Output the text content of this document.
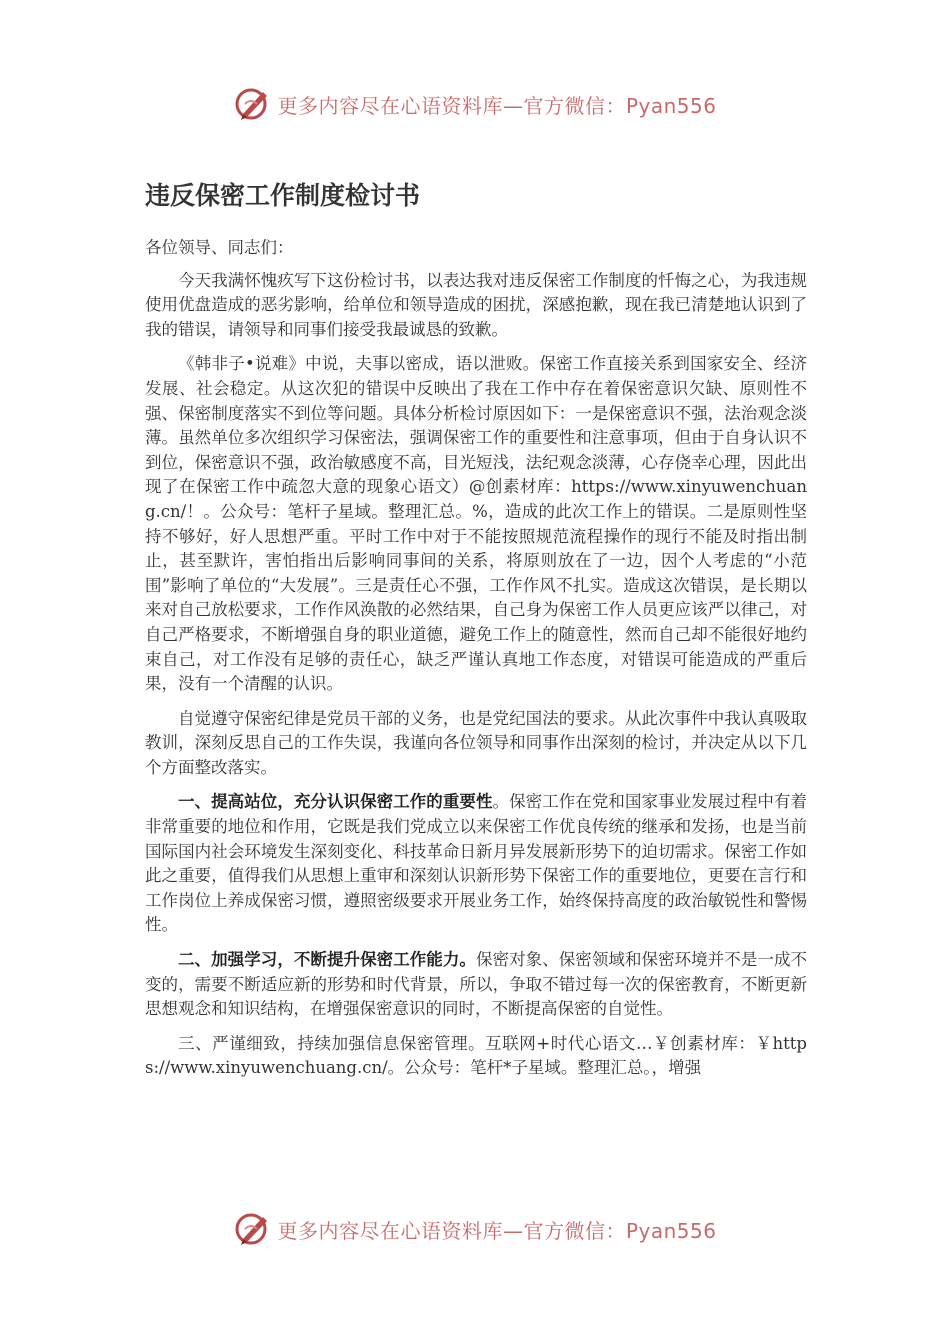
更多内容尽在心语资料库—官方微信：Pyan556
违反保密工作制度检讨书

各位领导、同志们：

今天我满怀愧疚写下这份检讨书，以表达我对违反保密工作制度的忏悔之心，为我违规使用优盘造成的恶劣影响，给单位和领导造成的困扰，深感抱歉，现在我已清楚地认识到了我的错误，请领导和同事们接受我最诚恳的致歉。

《韩非子•说难》中说，夫事以密成，语以泄败。保密工作直接关系到国家安全、经济发展、社会稳定。从这次犯的错误中反映出了我在工作中存在着保密意识欠缺、原则性不强、保密制度落实不到位等问题。具体分析检讨原因如下：一是保密意识不强，法治观念淡薄。虽然单位多次组织学习保密法，强调保密工作的重要性和注意事项，但由于自身认识不到位，保密意识不强，政治敏感度不高，目光短浅，法纪观念淡薄，心存侥幸心理，因此出现了在保密工作中疏忽大意的现象心语文）@创素材库：https://www.xinyuwenchuang.cn/！。公众号：笔杆子星域。整理汇总。%，造成的此次工作上的错误。二是原则性坚持不够好，好人思想严重。平时工作中对于不能按照规范流程操作的现行不能及时指出制止，甚至默许，害怕指出后影响同事间的关系，将原则放在了一边，因个人考虑的“小范围”影响了单位的“大发展”。三是责任心不强，工作作风不扎实。造成这次错误，是长期以来对自己放松要求，工作作风涣散的必然结果，自己身为保密工作人员更应该严以律己，对自己严格要求，不断增强自身的职业道德，避免工作上的随意性，然而自己却不能很好地约束自己，对工作没有足够的责任心，缺乏严谨认真地工作态度，对错误可能造成的严重后果，没有一个清醒的认识。

自觉遵守保密纪律是党员干部的义务，也是党纪国法的要求。从此次事件中我认真吸取教训，深刻反思自己的工作失误，我谨向各位领导和同事作出深刻的检讨，并决定从以下几个方面整改落实。

一、提高站位，充分认识保密工作的重要性。保密工作在党和国家事业发展过程中有着非常重要的地位和作用，它既是我们党成立以来保密工作优良传统的继承和发扬，也是当前国际国内社会环境发生深刻变化、科技革命日新月异发展新形势下的迫切需求。保密工作如此之重要，值得我们从思想上重审和深刻认识新形势下保密工作的重要地位，更要在言行和工作岗位上养成保密习惯，遵照密级要求开展业务工作，始终保持高度的政治敏锐性和警惕性。

二、加强学习，不断提升保密工作能力。保密对象、保密领域和保密环境并不是一成不变的，需要不断适应新的形势和时代背景，所以，争取不错过每一次的保密教育，不断更新思想观念和知识结构，在增强保密意识的同时，不断提高保密的自觉性。

三、严谨细致，持续加强信息保密管理。互联网+时代心语文…￥创素材库：￥https://www.xinyuwenchuang.cn/。公众号：笔杆*子星域。整理汇总。，增强

更多内容尽在心语资料库—官方微信：Pyan556
